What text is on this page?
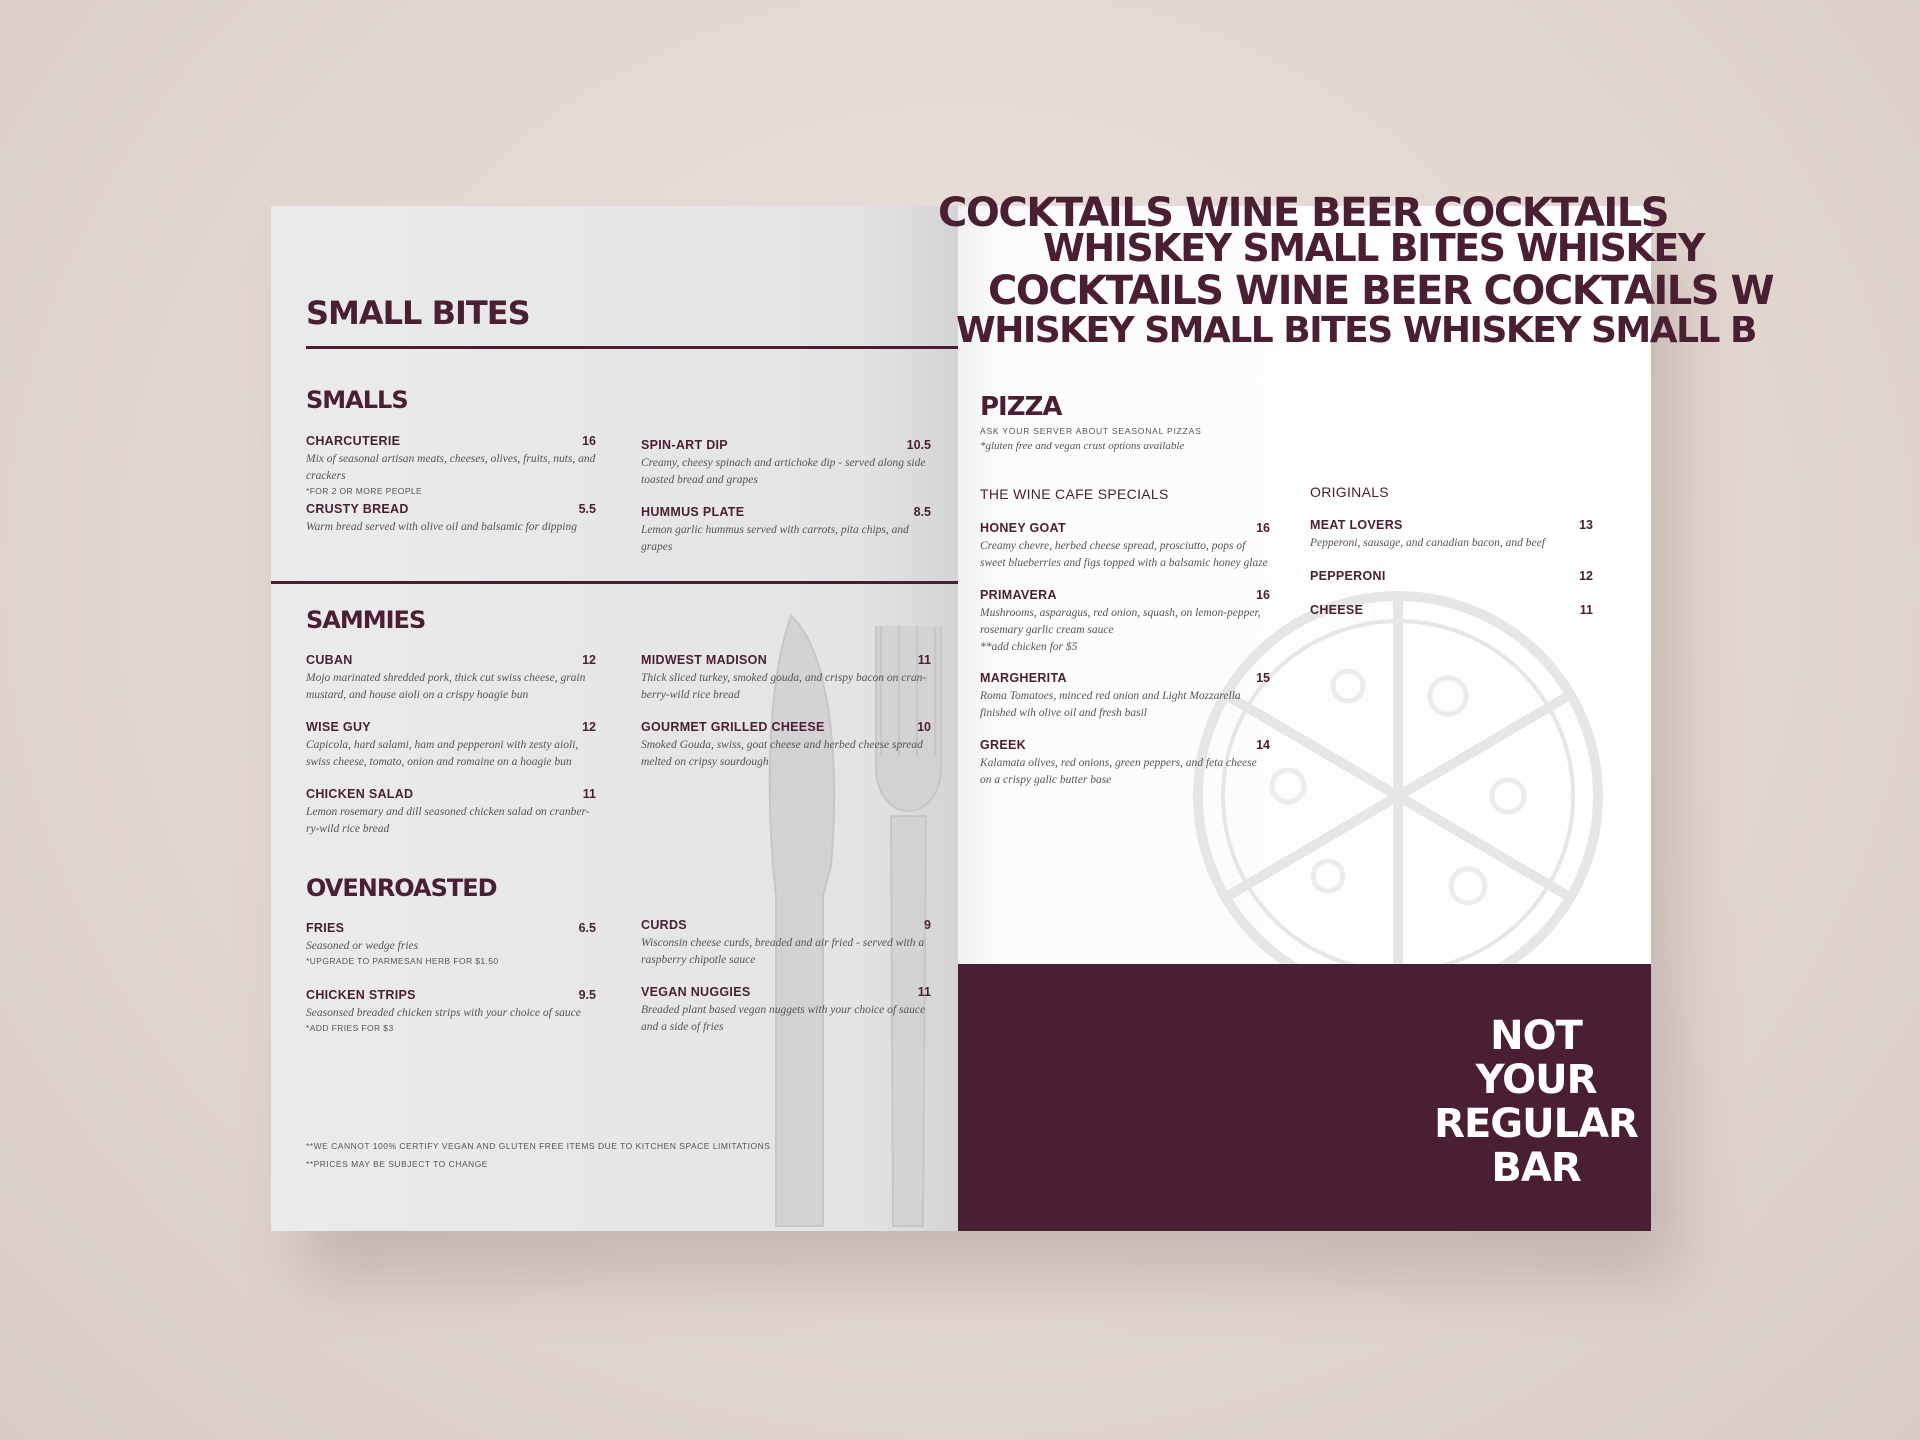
SMALL BITES
SMALLS
CHARCUTERIE	16
Mix of seasonal artisan meats, cheeses, olives, fruits, nuts, and crackers
*FOR 2 OR MORE PEOPLE
SPIN-ART DIP	10.5
Creamy, cheesy spinach and artichoke dip - served along side toasted bread and grapes
CRUSTY BREAD	5.5
Warm bread served with olive oil and balsamic for dipping
HUMMUS PLATE	8.5
Lemon garlic hummus served with carrots, pita chips, and grapes
SAMMIES
CUBAN	12
Mojo marinated shredded pork, thick cut swiss cheese, grain mustard, and house aioli on a crispy hoagie bun
MIDWEST MADISON	11
Thick sliced turkey, smoked gouda, and crispy bacon on cran-berry-wild rice bread
WISE GUY	12
Capicola, hard salami, ham and pepperoni with zesty aioli, swiss cheese, tomato, onion and romaine on a hoagie bun
GOURMET GRILLED CHEESE	10
Smoked Gouda, swiss, goat cheese and herbed cheese spread melted on cripsy sourdough
CHICKEN SALAD	11
Lemon rosemary and dill seasoned chicken salad on cranber-ry-wild rice bread
OVENROASTED
FRIES	6.5
Seasoned or wedge fries
*UPGRADE TO PARMESAN HERB FOR $1.50
CURDS	9
Wisconsin cheese curds, breaded and air fried - served with a raspberry chipotle sauce
CHICKEN STRIPS	9.5
Seasonsed breaded chicken strips with your choice of sauce
*ADD FRIES FOR $3
VEGAN NUGGIES	11
Breaded plant based vegan nuggets with your choice of sauce and a side of fries
**WE CANNOT 100% CERTIFY VEGAN AND GLUTEN FREE ITEMS DUE TO KITCHEN SPACE LIMITATIONS
**PRICES MAY BE SUBJECT TO CHANGE
COCKTAILS WINE BEER COCKTAILS
WHISKEY SMALL BITES WHISKEY
COCKTAILS WINE BEER COCKTAILS W
WHISKEY SMALL BITES WHISKEY SMALL B
PIZZA
ASK YOUR SERVER ABOUT SEASONAL PIZZAS
*gluten free and vegan crust options available
THE WINE CAFE SPECIALS	ORIGINALS
HONEY GOAT	16
Creamy chevre, herbed cheese spread, prosciutto, pops of sweet blueberries and figs topped with a balsamic honey glaze
PRIMAVERA	16
Mushrooms, asparagus, red onion, squash, on lemon-pepper, rosemary garlic cream sauce
**add chicken for $5
MARGHERITA	15
Roma Tomatoes, minced red onion and Light Mozzarella finished wih olive oil and fresh basil
GREEK	14
Kalamata olives, red onions, green peppers, and feta cheese on a crispy galic butter base
MEAT LOVERS	13
Pepperoni, sausage, and canadian bacon, and beef
PEPPERONI	12
CHEESE	11
NOT
YOUR
REGULAR
BAR
